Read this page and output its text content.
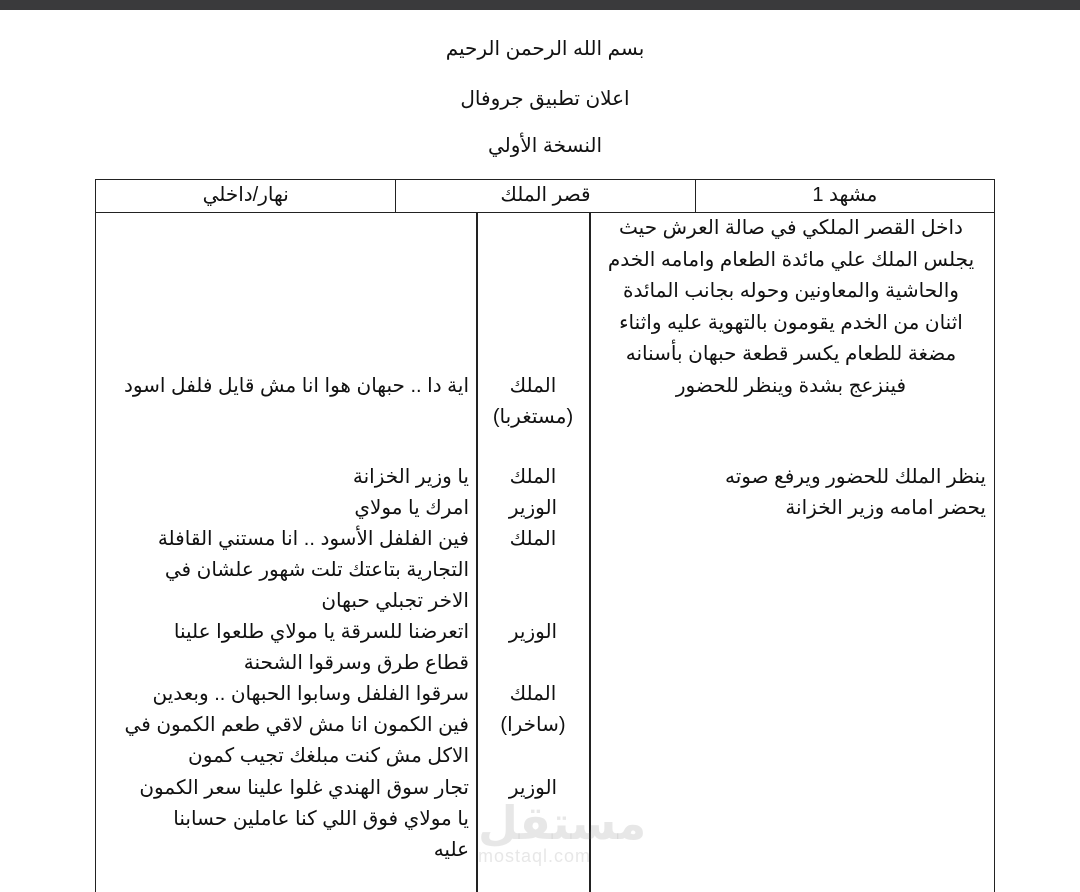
بسم الله الرحمن الرحيم
اعلان تطبيق جروفال
النسخة الأولي
مشهد 1
قصر الملك
نهار/داخلي
داخل القصر الملكي في صالة العرش حيث
يجلس الملك علي مائدة الطعام وامامه الخدم
والحاشية والمعاونين وحوله بجانب المائدة
اثنان من الخدم يقومون بالتهوية عليه واثناء
مضغة للطعام يكسر قطعة حبهان بأسنانه
فينزعج بشدة وينظر للحضور
ينظر الملك للحضور ويرفع صوته
يحضر امامه وزير الخزانة
الملك
(مستغربا)
الملك
الوزير
الملك
الوزير
الملك
(ساخرا)
الوزير
اية دا .. حبهان هوا انا مش قايل فلفل اسود
يا وزير الخزانة
امرك يا مولاي
فين الفلفل الأسود .. انا مستني القافلة
التجارية بتاعتك تلت شهور علشان في
الاخر تجبلي حبهان
اتعرضنا للسرقة يا مولاي طلعوا علينا
قطاع طرق وسرقوا الشحنة
سرقوا الفلفل وسابوا الحبهان .. وبعدين
فين الكمون انا مش لاقي طعم الكمون في
الاكل مش كنت مبلغك تجيب كمون
تجار سوق الهندي غلوا علينا سعر الكمون
يا مولاي فوق اللي كنا عاملين حسابنا
عليه
مستقل
mostaql.com
